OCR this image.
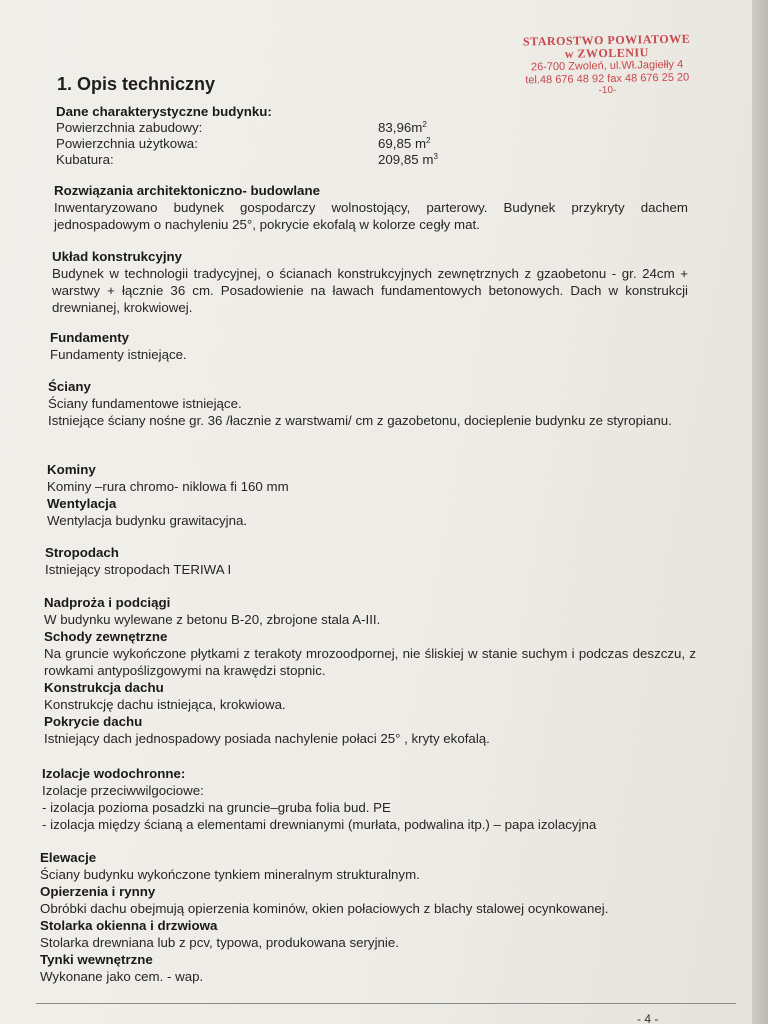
STAROSTWO POWIATOWE
w ZWOLENIU
26-700 Zwoleń, ul.Wł.Jagiełły 4
tel.48 676 48 92 fax 48 676 25 20
-10-
1. Opis techniczny
Dane charakterystyczne budynku:
Powierzchnia zabudowy:	$83,96m^2$
Powierzchnia użytkowa:	69,85 $m^2$
Kubatura:	209,85 $m^3$
Rozwiązania architektoniczno- budowlane
Inwentaryzowano budynek gospodarczy wolnostojący, parterowy. Budynek przykryty dachem jednospadowym o nachyleniu 25°, pokrycie ekofalą w kolorze cegły mat.
Układ konstrukcyjny
Budynek w technologii tradycyjnej, o ścianach konstrukcyjnych zewnętrznych z gzaobetonu - gr. 24cm + warstwy + łącznie 36 cm. Posadowienie na ławach fundamentowych betonowych. Dach w konstrukcji drewnianej, krokwiowej.
Fundamenty
Fundamenty istniejące.
Ściany
Ściany fundamentowe istniejące.
Istniejące ściany nośne gr. 36 /łacznie z warstwami/ cm z gazobetonu, docieplenie budynku ze styropianu.
Kominy
Kominy –rura chromo- niklowa fi 160 mm
Wentylacja
Wentylacja budynku grawitacyjna.
Stropodach
Istniejący stropodach TERIWA I
Nadproża i podciągi
W budynku wylewane z betonu B-20, zbrojone stala A-III.
Schody zewnętrzne
Na gruncie wykończone płytkami z terakoty mrozoodpornej, nie śliskiej w stanie suchym i podczas deszczu, z rowkami antypoślizgowymi na krawędzi stopnic.
Konstrukcja dachu
Konstrukcję dachu istniejąca, krokwiowa.
Pokrycie dachu
Istniejący dach jednospadowy posiada nachylenie połaci 25° , kryty ekofalą.
Izolacje wodochronne:
Izolacje przeciwwilgociowe:
- izolacja pozioma posadzki na gruncie–gruba folia bud. PE
- izolacja między ścianą a elementami drewnianymi (murłata, podwalina itp.) – papa izolacyjna
Elewacje
Ściany budynku wykończone tynkiem mineralnym strukturalnym.
Opierzenia i rynny
Obróbki dachu obejmują opierzenia kominów, okien połaciowych z blachy stalowej ocynkowanej.
Stolarka okienna i drzwiowa
Stolarka drewniana lub z pcv, typowa, produkowana seryjnie.
Tynki wewnętrzne
Wykonane jako cem. - wap.
- 4 -
